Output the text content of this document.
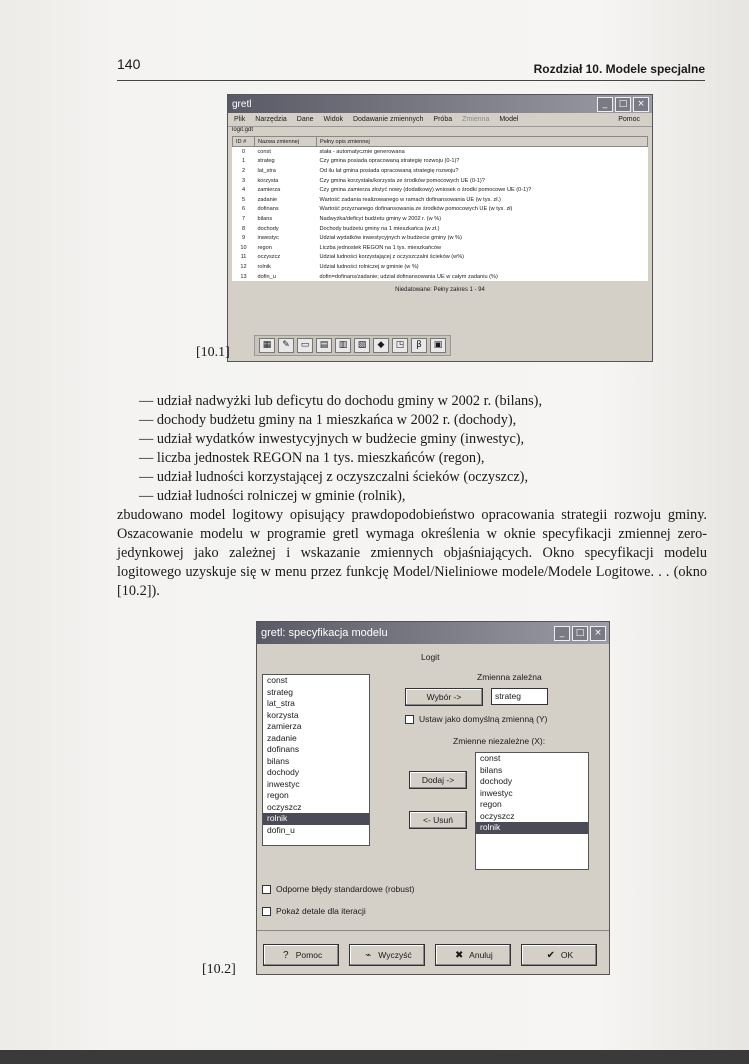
140	Rozdział 10. Modele specjalne
gretl	_	□	×
Plik Narzędzia Dane Widok Dodawanie zmiennych Próba Zmienna Model	Pomoc
logit.gdt
ID #	Nazwa zmiennej	Pełny opis zmiennej
0	const	stała - automatycznie generowana
1	strateg	Czy gmina posiada opracowaną strategię rozwoju (0-1)?
2	lat_stra	Od ilu lat gmina posiada opracowaną strategię rozwoju?
3	korzysta	Czy gmina korzystała/korzysta ze środków pomocowych UE (0-1)?
4	zamierza	Czy gmina zamierza złożyć nowy (dodatkowy) wniosek o środki pomocowe UE (0-1)?
5	zadanie	Wartość zadania realizowanego w ramach dofinansowania UE (w tys. zł.)
6	dofinans	Wartość przyznanego dofinansowania ze środków pomocowych UE (w tys. zł)
7	bilans	Nadwyżka/deficyt budżetu gminy w 2002 r. (w %)
8	dochody	Dochody budżetu gminy na 1 mieszkańca (w zł.)
9	inwestyc	Udział wydatków inwestycyjnych w budżecie gminy (w %)
10	regon	Liczba jednostek REGON na 1 tys. mieszkańców
11	oczyszcz	Udział ludności korzystającej z oczyszczalni ścieków (w%)
12	rolnik	Udział ludności rolniczej w gminie (w %)
13	dofin_u	dofin=dofinans/zadanie; udział dofinansowania UE w całym zadaniu (%)
Niedatowane: Pełny zakres 1 - 94
▦	✎	▭	▤	▥	▧	◆	◳	β	▣
[10.1]

— udział nadwyżki lub deficytu do dochodu gminy w 2002 r. (bilans),

— dochody budżetu gminy na 1 mieszkańca w 2002 r. (dochody),

— udział wydatków inwestycyjnych w budżecie gminy (inwestyc),

— liczba jednostek REGON na 1 tys. mieszkańców (regon),

— udział ludności korzystającej z oczyszczalni ścieków (oczyszcz),

— udział ludności rolniczej w gminie (rolnik),

zbudowano model logitowy opisujący prawdopodobieństwo opracowania strategii rozwoju gminy. Oszacowanie modelu w programie gretl wymaga określenia w oknie specyfikacji zmiennej zero-jedynkowej jako zależnej i wskazanie zmiennych objaśniających. Okno specyfikacji modelu logitowego uzyskuje się w menu przez funkcję Model/Nieliniowe modele/Modele Logitowe. . . (okno [10.2]).

gretl: specyfikacja modelu	_	□	×
Logit
const
strateg
lat_stra
korzysta
zamierza
zadanie
dofinans
bilans
dochody
inwestyc
regon
oczyszcz
rolnik
dofin_u
Zmienna zależna
Wybór ->	strateg
Ustaw jako domyślną zmienną (Y)
Zmienne niezależne (X):
Dodaj ->
<- Usuń
const
bilans
dochody
inwestyc
regon
oczyszcz
rolnik
Odporne błędy standardowe (robust)
Pokaż detale dla iteracji
? Pomoc	⌁ Wyczyść	✖ Anuluj	✔ OK
[10.2]
